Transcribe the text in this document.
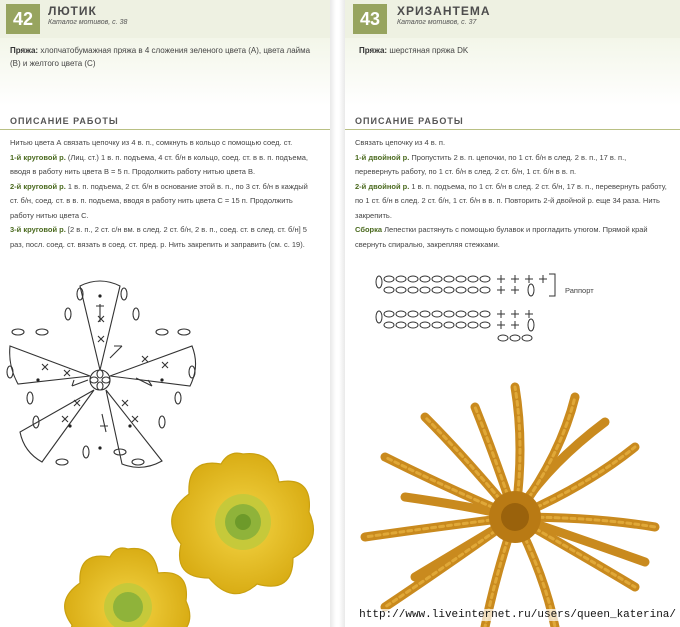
42	ЛЮТИК
Каталог мотивов, с. 38

Пряжа: хлопчатобумажная пряжа в 4 сложения зеленого цвета (А), цвета лайма (В) и желтого цвета (С)

ОПИСАНИЕ РАБОТЫ

Нитью цвета А связать цепочку из 4 в. п., сомкнуть в кольцо с помощью соед. ст.

1-й круговой р. (Лиц. ст.) 1 в. п. подъема, 4 ст. б/н в кольцо, соед. ст. в в. п. подъема, вводя в работу нить цвета В = 5 п. Продолжить работу нитью цвета В.

2-й круговой р. 1 в. п. подъема, 2 ст. б/н в основание этой в. п., по 3 ст. б/н в каждый ст. б/н, соед. ст. в в. п. подъема, вводя в работу нить цвета С = 15 п. Продолжить работу нитью цвета С.

3-й круговой р. [2 в. п., 2 ст. с/н вм. в след. 2 ст. б/н, 2 в. п., соед. ст. в след. ст. б/н] 5 раз, посл. соед. ст. вязать в соед. ст. пред. р. Нить закрепить и заправить (см. с. 19).

43	ХРИЗАНТЕМА
Каталог мотивов, с. 37

Пряжа: шерстяная пряжа DK

ОПИСАНИЕ РАБОТЫ

Связать цепочку из 4 в. п.

1-й двойной р. Пропустить 2 в. п. цепочки, по 1 ст. б/н в след. 2 в. п., 17 в. п., перевернуть работу, по 1 ст. б/н в след. 2 ст. б/н, 1 ст. б/н в в. п.

2-й двойной р. 1 в. п. подъема, по 1 ст. б/н в след. 2 ст. б/н, 17 в. п., перевернуть работу, по 1 ст. б/н в след. 2 ст. б/н, 1 ст. б/н в в. п. Повторить 2-й двойной р. еще 34 раза. Нить закрепить.

Сборка Лепестки растянуть с помощью булавок и прогладить утюгом. Прямой край свернуть спиралью, закрепляя стежками.

Раппорт
http://www.liveinternet.ru/users/queen_katerina/
